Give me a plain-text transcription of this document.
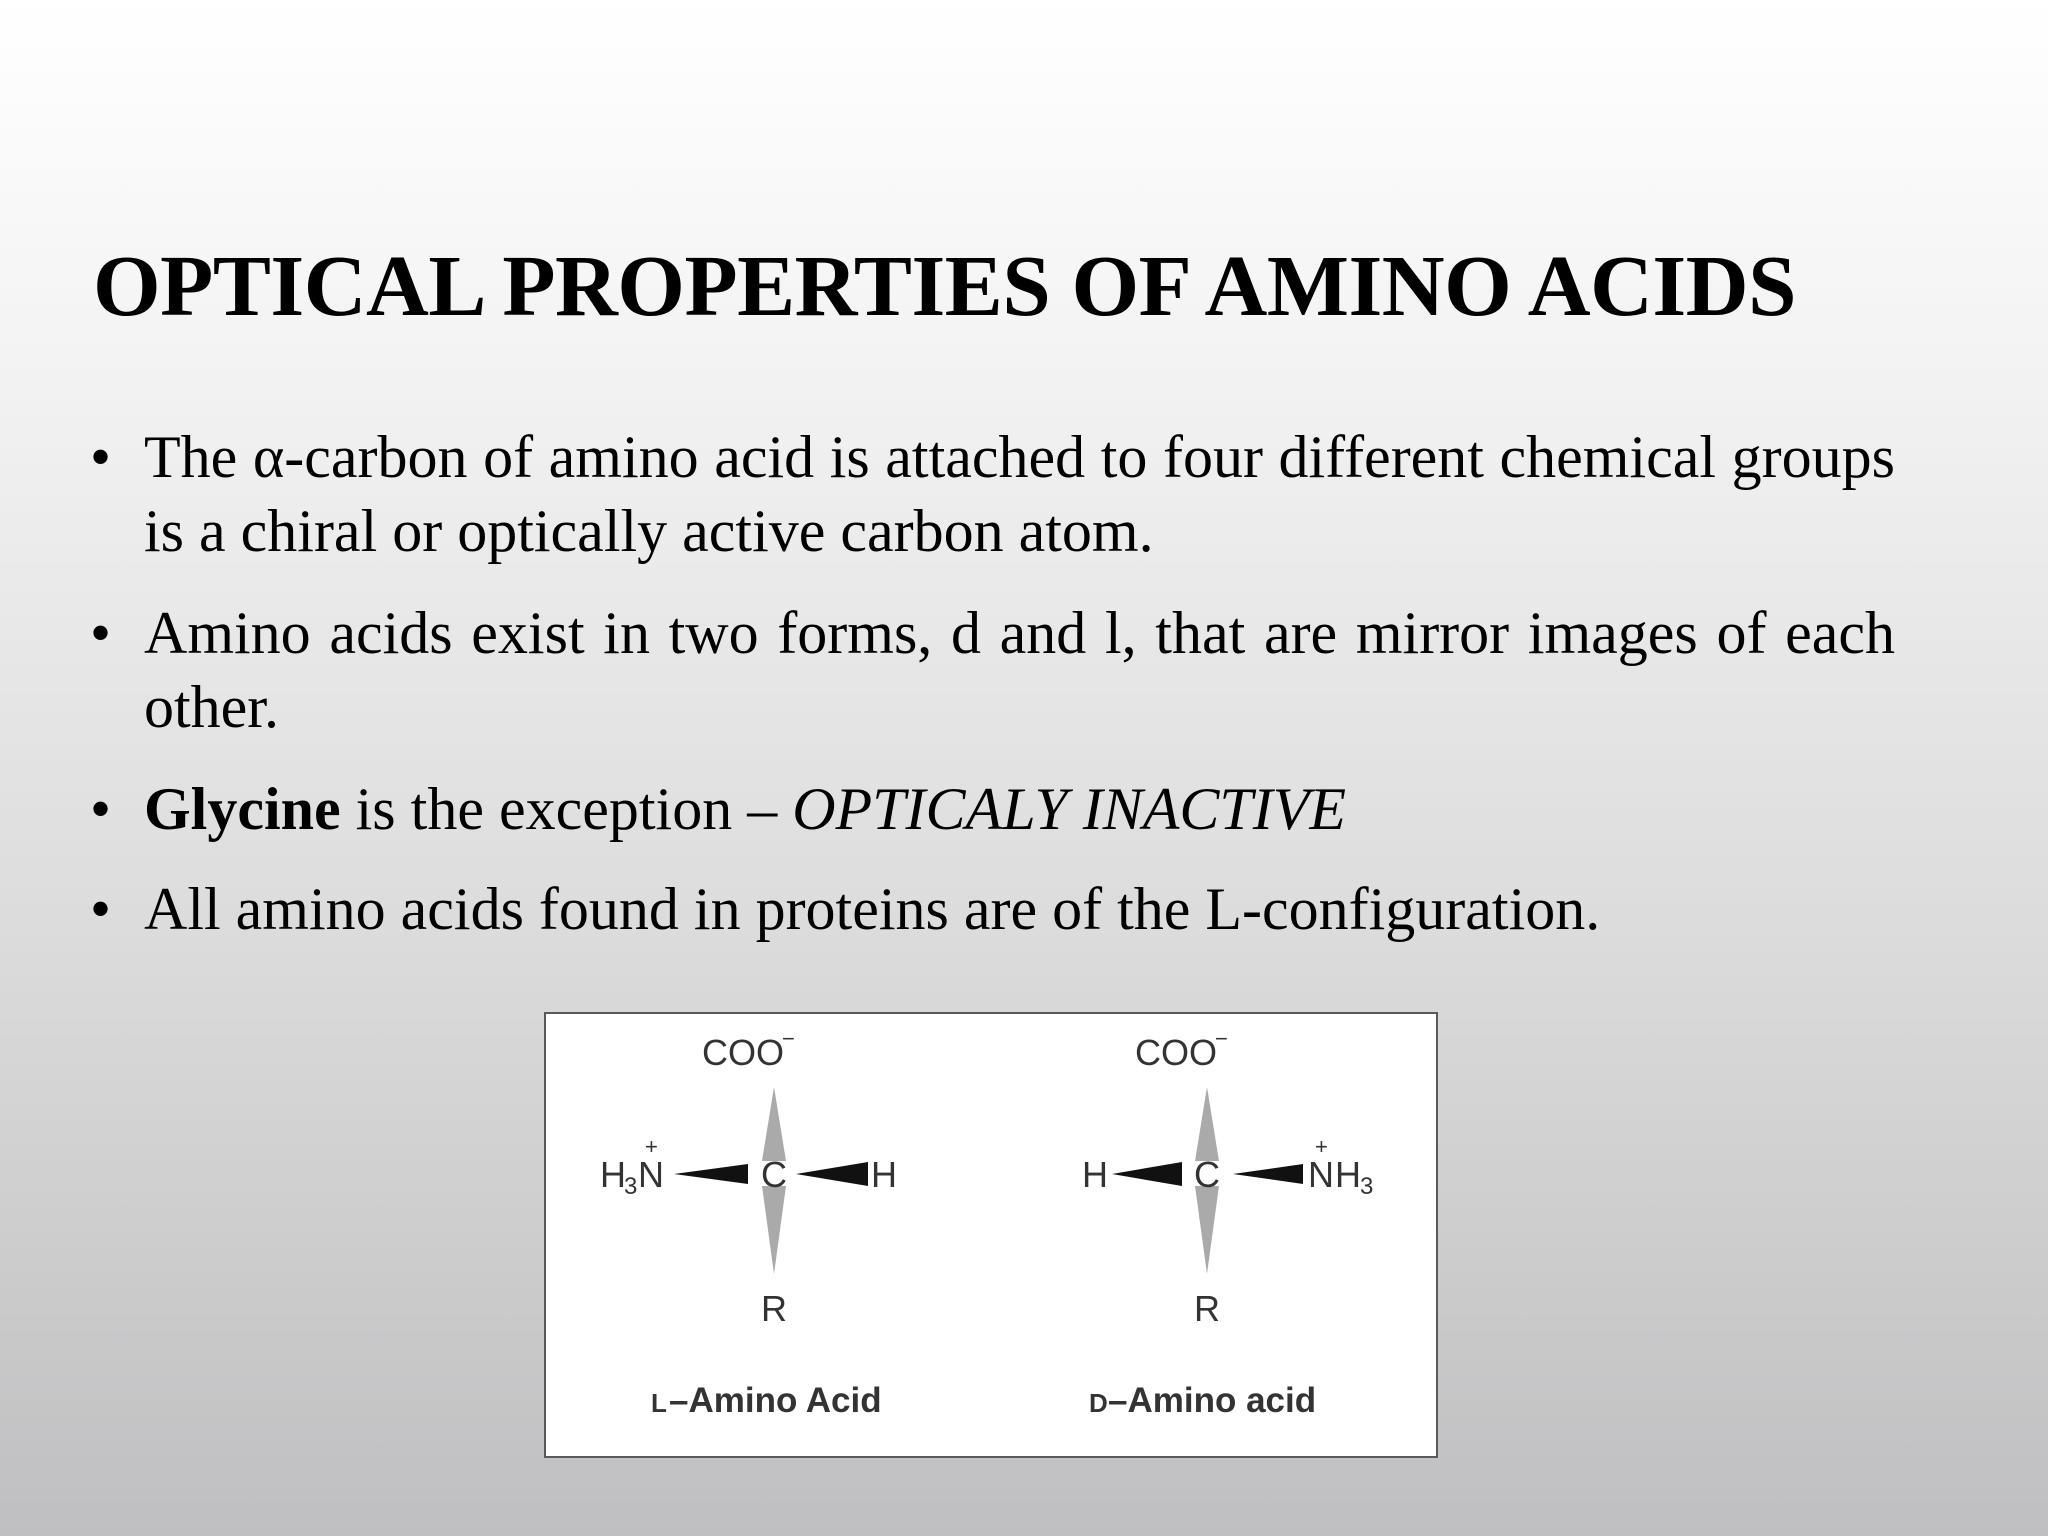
OPTICAL PROPERTIES OF AMINO ACIDS
• The α-carbon of amino acid is attached to four different chemical groups is a chiral or optically active carbon atom.
• Amino acids exist in two forms, d and l, that are mirror images of each other.
• Glycine is the exception – OPTICALY INACTIVE
• All amino acids found in proteins are of the L-configuration.
COO
−
C
H
3 N
+
H
R
L –Amino Acid
COO
−
C
H	N
+
H 3
R
D –Amino acid
